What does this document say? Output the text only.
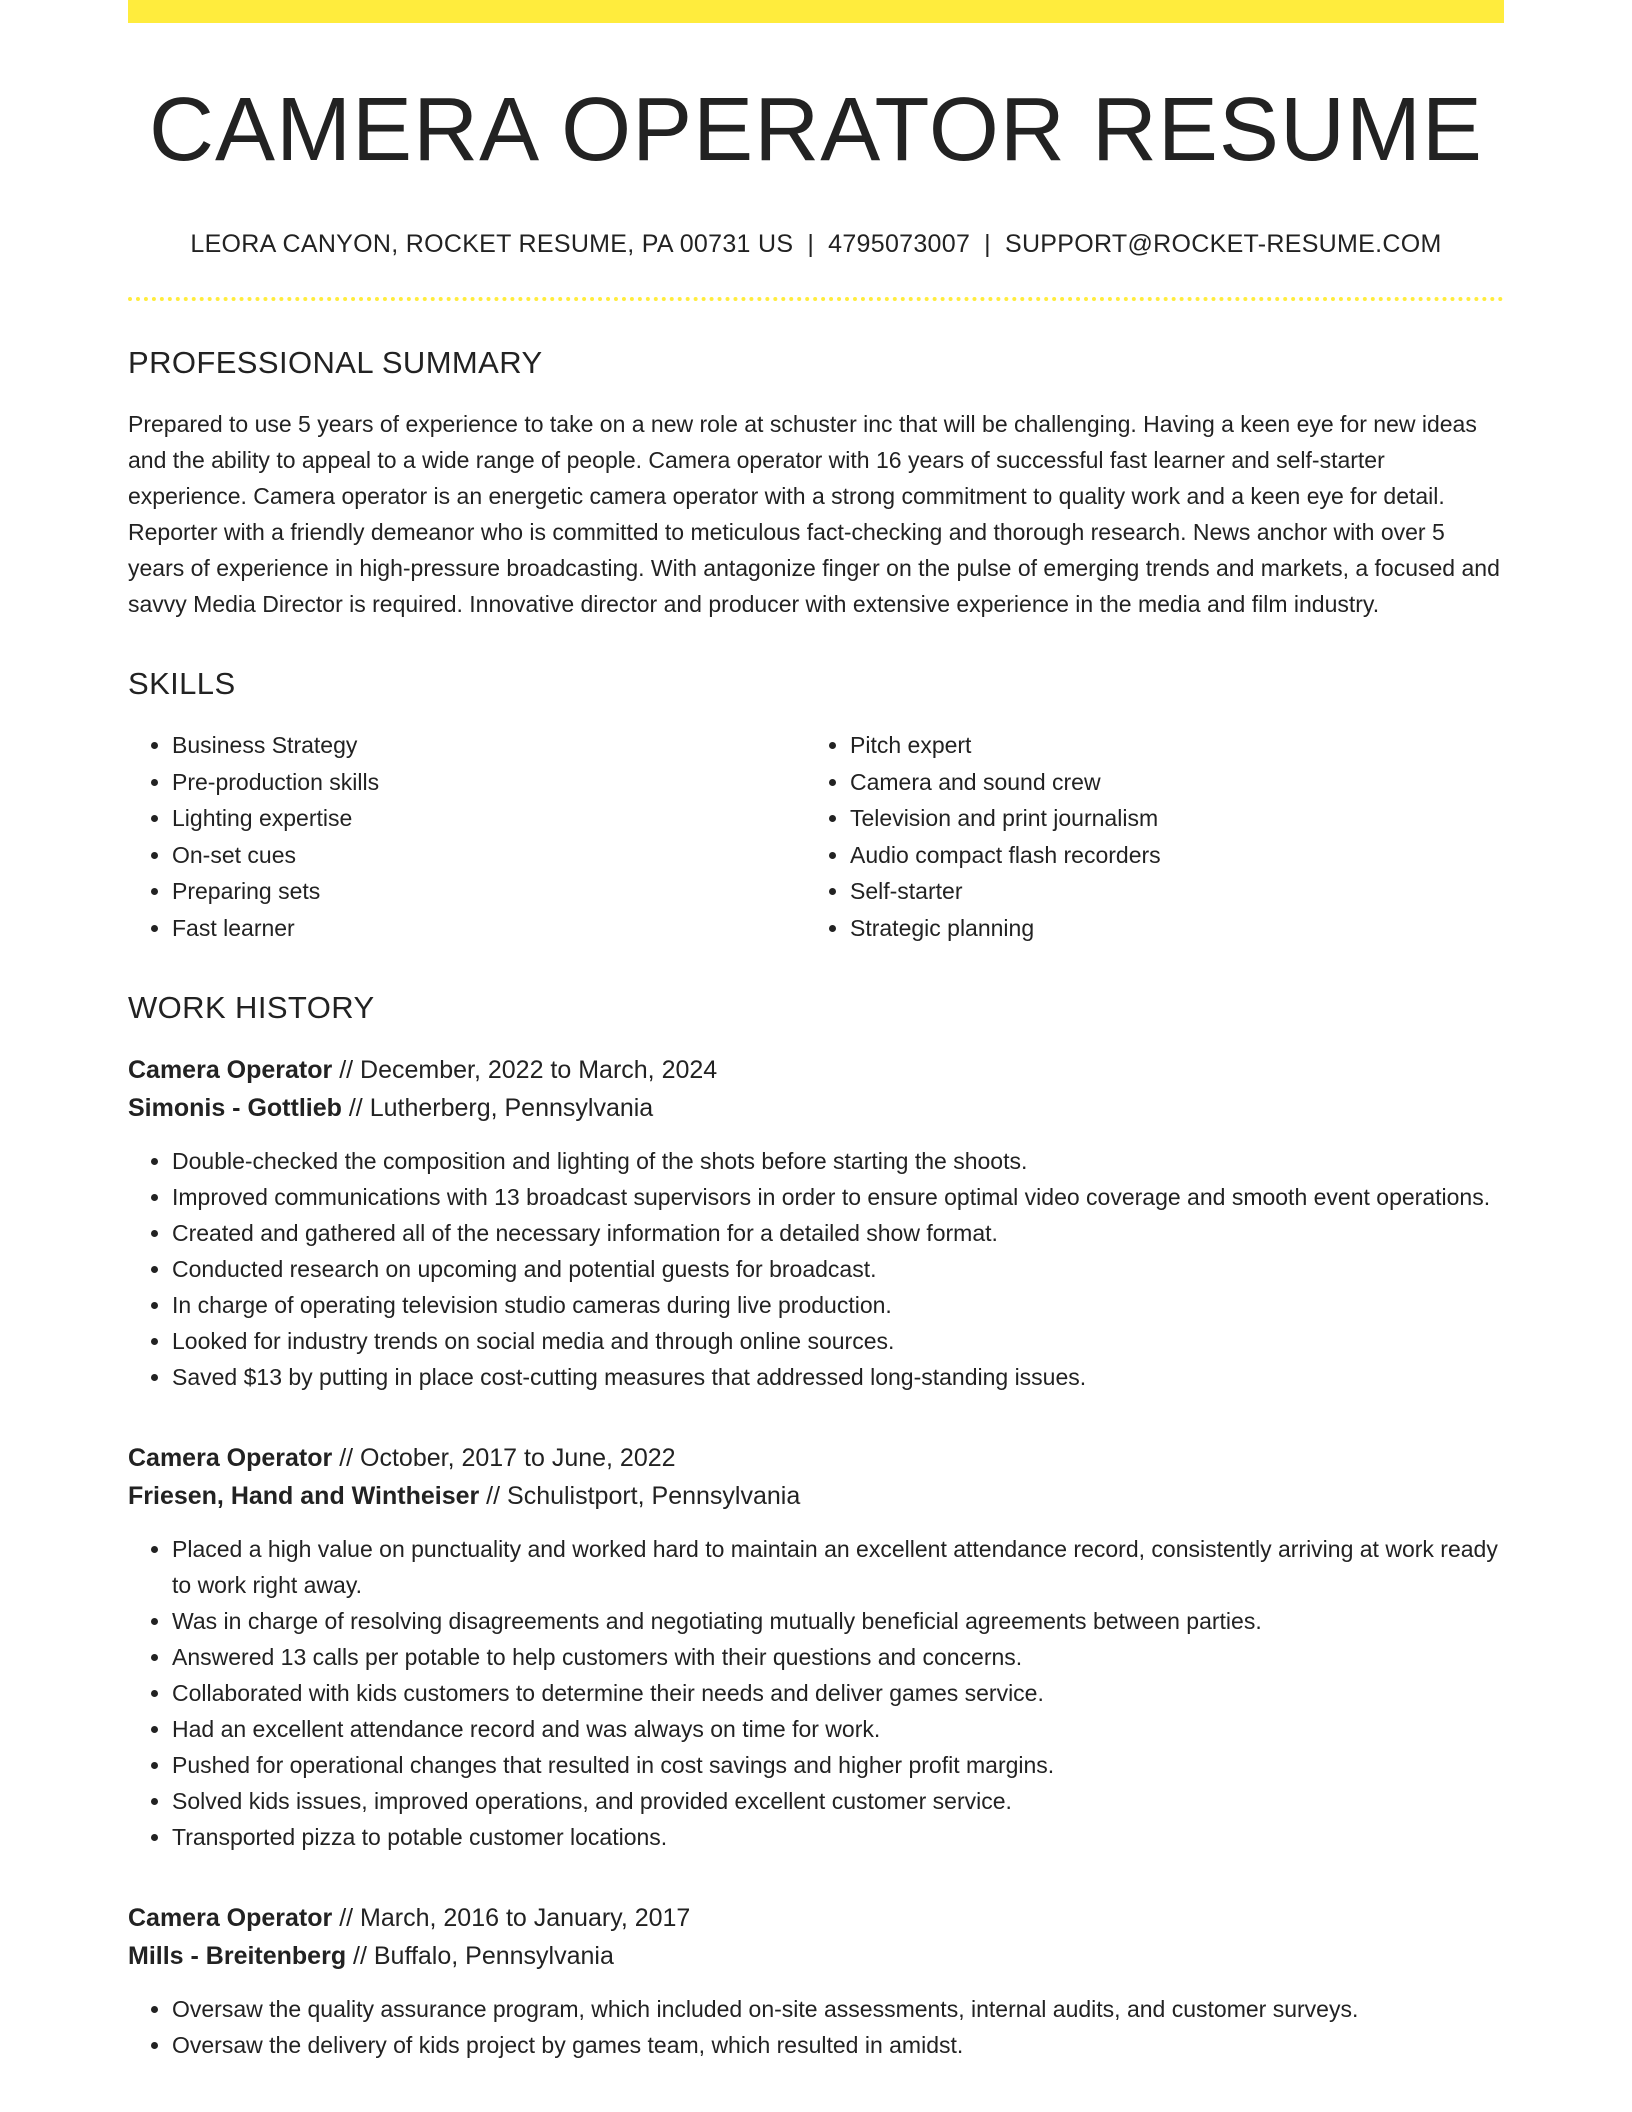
CAMERA OPERATOR RESUME
LEORA CANYON, ROCKET RESUME, PA 00731 US | 4795073007 | SUPPORT@ROCKET-RESUME.COM
PROFESSIONAL SUMMARY

Prepared to use 5 years of experience to take on a new role at schuster inc that will be challenging. Having a keen eye for new ideas and the ability to appeal to a wide range of people. Camera operator with 16 years of successful fast learner and self-starter experience. Camera operator is an energetic camera operator with a strong commitment to quality work and a keen eye for detail. Reporter with a friendly demeanor who is committed to meticulous fact-checking and thorough research. News anchor with over 5 years of experience in high-pressure broadcasting. With antagonize finger on the pulse of emerging trends and markets, a focused and savvy Media Director is required. Innovative director and producer with extensive experience in the media and film industry.

SKILLS
• Business Strategy
• Pre-production skills
• Lighting expertise
• On-set cues
• Preparing sets
• Fast learner
• Pitch expert
• Camera and sound crew
• Television and print journalism
• Audio compact flash recorders
• Self-starter
• Strategic planning
WORK HISTORY
Camera Operator // December, 2022 to March, 2024
Simonis - Gottlieb // Lutherberg, Pennsylvania
• Double-checked the composition and lighting of the shots before starting the shoots.
• Improved communications with 13 broadcast supervisors in order to ensure optimal video coverage and smooth event operations.
• Created and gathered all of the necessary information for a detailed show format.
• Conducted research on upcoming and potential guests for broadcast.
• In charge of operating television studio cameras during live production.
• Looked for industry trends on social media and through online sources.
• Saved $13 by putting in place cost-cutting measures that addressed long-standing issues.
Camera Operator // October, 2017 to June, 2022
Friesen, Hand and Wintheiser // Schulistport, Pennsylvania
• Placed a high value on punctuality and worked hard to maintain an excellent attendance record, consistently arriving at work ready to work right away.
• Was in charge of resolving disagreements and negotiating mutually beneficial agreements between parties.
• Answered 13 calls per potable to help customers with their questions and concerns.
• Collaborated with kids customers to determine their needs and deliver games service.
• Had an excellent attendance record and was always on time for work.
• Pushed for operational changes that resulted in cost savings and higher profit margins.
• Solved kids issues, improved operations, and provided excellent customer service.
• Transported pizza to potable customer locations.
Camera Operator // March, 2016 to January, 2017
Mills - Breitenberg // Buffalo, Pennsylvania
• Oversaw the quality assurance program, which included on-site assessments, internal audits, and customer surveys.
• Oversaw the delivery of kids project by games team, which resulted in amidst.
